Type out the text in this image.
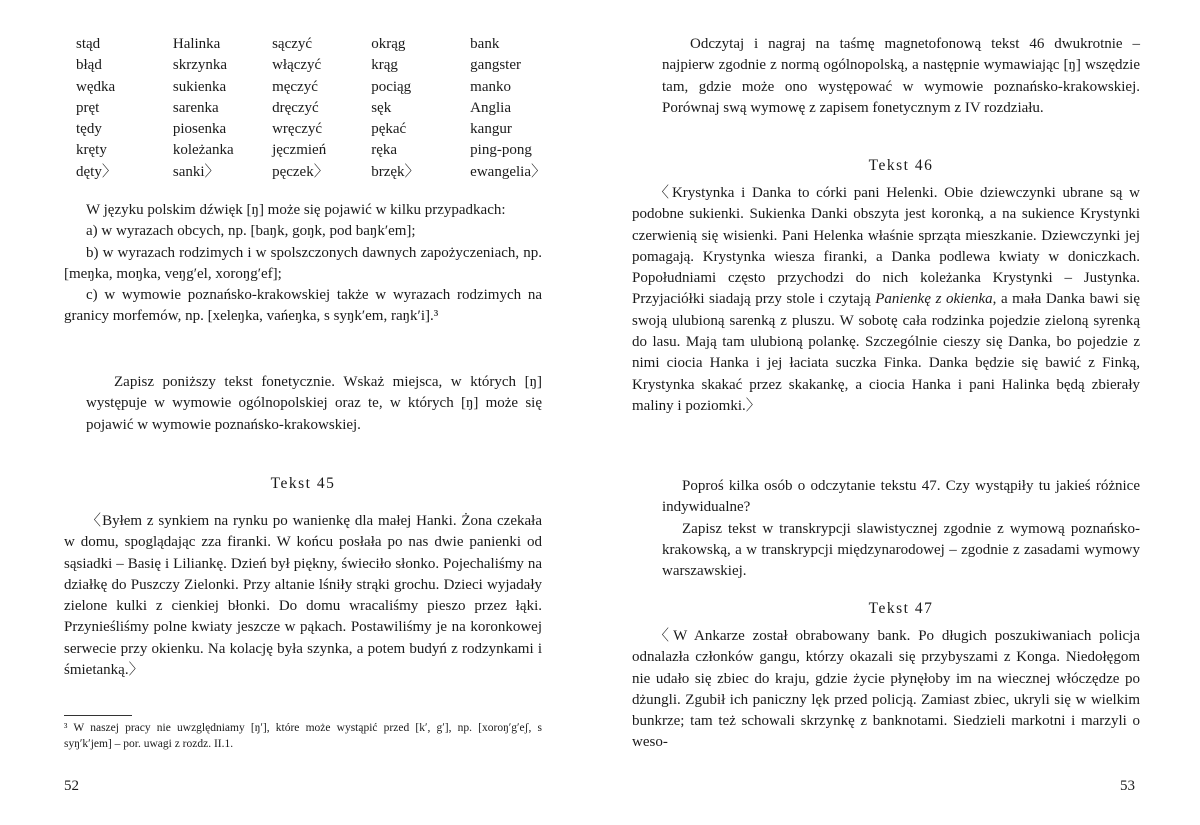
stąd	Halinka	sączyć	okrąg	bank
błąd	skrzynka	włączyć	krąg	gangster
wędka	sukienka	męczyć	pociąg	manko
pręt	sarenka	dręczyć	sęk	Anglia
tędy	piosenka	wręczyć	pękać	kangur
kręty	koleżanka	jęczmień	ręka	ping-pong
dęty〉	sanki〉	pęczek〉	brzęk〉	ewangelia〉

W języku polskim dźwięk [ŋ] może się pojawić w kilku przypadkach:

a) w wyrazach obcych, np. [baŋk, goŋk, pod baŋkʹem];

b) w wyrazach rodzimych i w spolszczonych dawnych zapożyczeniach, np. [meŋka, moŋka, veŋgʹel, xoroŋgʹef];

c) w wymowie poznańsko-krakowskiej także w wyrazach rodzimych na granicy morfemów, np. [xeleŋka, vańeŋka, s syŋkʹem, raŋkʹi].³

Zapisz poniższy tekst fonetycznie. Wskaż miejsca, w których [ŋ] występuje w wymowie ogólnopolskiej oraz te, w których [ŋ] może się pojawić w wymowie poznańsko-krakowskiej.

Tekst 45

〈Byłem z synkiem na rynku po wanienkę dla małej Hanki. Żona czekała w domu, spoglądając zza firanki. W końcu posłała po nas dwie panienki od sąsiadki – Basię i Liliankę. Dzień był piękny, świeciło słonko. Pojechaliśmy na działkę do Puszczy Zielonki. Przy altanie lśniły strąki grochu. Dzieci wyjadały zielone kulki z cienkiej błonki. Do domu wracaliśmy pieszo przez łąki. Przynieśliśmy polne kwiaty jeszcze w pąkach. Postawiliśmy je na koronkowej serwecie przy okienku. Na kolację była szynka, a potem budyń z rodzynkami i śmietanką.〉

³ W naszej pracy nie uwzględniamy [ŋʹ], które może wystąpić przed [kʹ, gʹ], np. [xoroŋʹgʹeʃ, s syŋʹkʹjem] – por. uwagi z rozdz. II.1.

52

Odczytaj i nagraj na taśmę magnetofonową tekst 46 dwukrotnie – najpierw zgodnie z normą ogólnopolską, a następnie wymawiając [ŋ] wszędzie tam, gdzie może ono występować w wymowie poznańsko-krakowskiej. Porównaj swą wymowę z zapisem fonetycznym z IV rozdziału.

Tekst 46

〈Krystynka i Danka to córki pani Helenki. Obie dziewczynki ubrane są w podobne sukienki. Sukienka Danki obszyta jest koronką, a na sukience Krystynki czerwienią się wisienki. Pani Helenka właśnie sprząta mieszkanie. Dziewczynki jej pomagają. Krystynka wiesza firanki, a Danka podlewa kwiaty w doniczkach. Popołudniami często przychodzi do nich koleżanka Krystynki – Justynka. Przyjaciółki siadają przy stole i czytają Panienkę z okienka, a mała Danka bawi się swoją ulubioną sarenką z pluszu. W sobotę cała rodzinka pojedzie zieloną syrenką do lasu. Mają tam ulubioną polankę. Szczególnie cieszy się Danka, bo pojedzie z nimi ciocia Hanka i jej łaciata suczka Finka. Danka będzie się bawić z Finką, Krystynka skakać przez skakankę, a ciocia Hanka i pani Halinka będą zbierały maliny i poziomki.〉

Poproś kilka osób o odczytanie tekstu 47. Czy wystąpiły tu jakieś różnice indywidualne?

Zapisz tekst w transkrypcji slawistycznej zgodnie z wymową poznańsko-krakowską, a w transkrypcji międzynarodowej – zgodnie z zasadami wymowy warszawskiej.

Tekst 47

〈W Ankarze został obrabowany bank. Po długich poszukiwaniach policja odnalazła członków gangu, którzy okazali się przybyszami z Konga. Niedołęgom nie udało się zbiec do kraju, gdzie życie płynęłoby im na wiecznej włóczędze po dżungli. Zgubił ich paniczny lęk przed policją. Zamiast zbiec, ukryli się w wielkim bunkrze; tam też schowali skrzynkę z banknotami. Siedzieli markotni i marzyli o weso-

53
